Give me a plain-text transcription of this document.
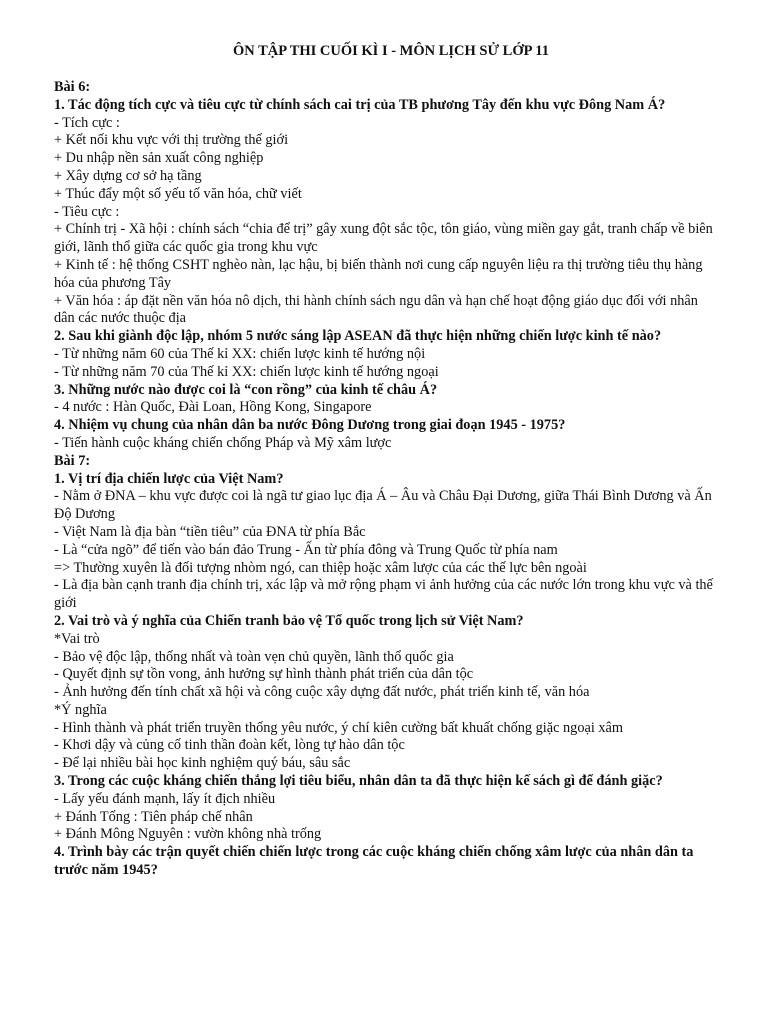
ÔN TẬP THI CUỐI KÌ I - MÔN LỊCH SỬ LỚP 11
Bài 6:
1. Tác động tích cực và tiêu cực từ chính sách cai trị của TB phương Tây đến khu vực Đông Nam Á?
- Tích cực :
+ Kết nối khu vực với thị trường thế giới
+ Du nhập nền sản xuất công nghiệp
+ Xây dựng cơ sở hạ tầng
+ Thúc đẩy một số yếu tố văn hóa, chữ viết
- Tiêu cực :
+ Chính trị - Xã hội : chính sách “chia để trị” gây xung đột sắc tộc, tôn giáo, vùng miền gay gắt, tranh chấp về biên giới, lãnh thổ giữa các quốc gia trong khu vực
+ Kinh tế : hệ thống CSHT nghèo nàn, lạc hậu, bị biến thành nơi cung cấp nguyên liệu ra thị trường tiêu thụ hàng hóa của phương Tây
+ Văn hóa : áp đặt nền văn hóa nô dịch, thi hành chính sách ngu dân và hạn chế hoạt động giáo dục đối với nhân dân các nước thuộc địa
2. Sau khi giành độc lập, nhóm 5 nước sáng lập ASEAN đã thực hiện những chiến lược kinh tế nào?
- Từ những năm 60 của Thế kỉ XX: chiến lược kinh tế hướng nội
- Từ những năm 70 của Thế kỉ XX: chiến lược kinh tế hướng ngoại
3. Những nước nào được coi là “con rồng” của kinh tế châu Á?
- 4 nước : Hàn Quốc, Đài Loan, Hồng Kong, Singapore
4. Nhiệm vụ chung của nhân dân ba nước Đông Dương trong giai đoạn 1945 - 1975?
- Tiến hành cuộc kháng chiến chống Pháp và Mỹ xâm lược
Bài 7:
1. Vị trí địa chiến lược của Việt Nam?
- Nằm ở ĐNA – khu vực được coi là ngã tư giao lục địa Á – Âu và Châu Đại Dương, giữa Thái Bình Dương và Ấn Độ Dương
- Việt Nam là địa bàn “tiền tiêu” của ĐNA từ phía Bắc
- Là “cửa ngõ” để tiến vào bán đảo Trung - Ấn từ phía đông và Trung Quốc từ phía nam
=> Thường xuyên là đối tượng nhòm ngó, can thiệp hoặc xâm lược của các thế lực bên ngoài
- Là địa bàn cạnh tranh địa chính trị, xác lập và mở rộng phạm vi ảnh hưởng của các nước lớn trong khu vực và thế giới
2. Vai trò và ý nghĩa của Chiến tranh bảo vệ Tổ quốc trong lịch sử Việt Nam?
*Vai trò
- Bảo vệ độc lập, thống nhất và toàn vẹn chủ quyền, lãnh thổ quốc gia
- Quyết định sự tồn vong, ảnh hưởng sự hình thành phát triển của dân tộc
- Ảnh hưởng đến tính chất xã hội và công cuộc xây dựng đất nước, phát triển kinh tế, văn hóa
*Ý nghĩa
- Hình thành và phát triển truyền thống yêu nước, ý chí kiên cường bất khuất chống giặc ngoại xâm
- Khơi dậy và củng cố tinh thần đoàn kết, lòng tự hào dân tộc
- Để lại nhiều bài học kinh nghiệm quý báu, sâu sắc
3. Trong các cuộc kháng chiến thắng lợi tiêu biểu, nhân dân ta đã thực hiện kế sách gì để đánh giặc?
- Lấy yếu đánh mạnh, lấy ít địch nhiều
+ Đánh Tống : Tiên pháp chế nhân
+ Đánh Mông Nguyên : vườn không nhà trống
4. Trình bày các trận quyết chiến chiến lược trong các cuộc kháng chiến chống xâm lược của nhân dân ta trước năm 1945?
